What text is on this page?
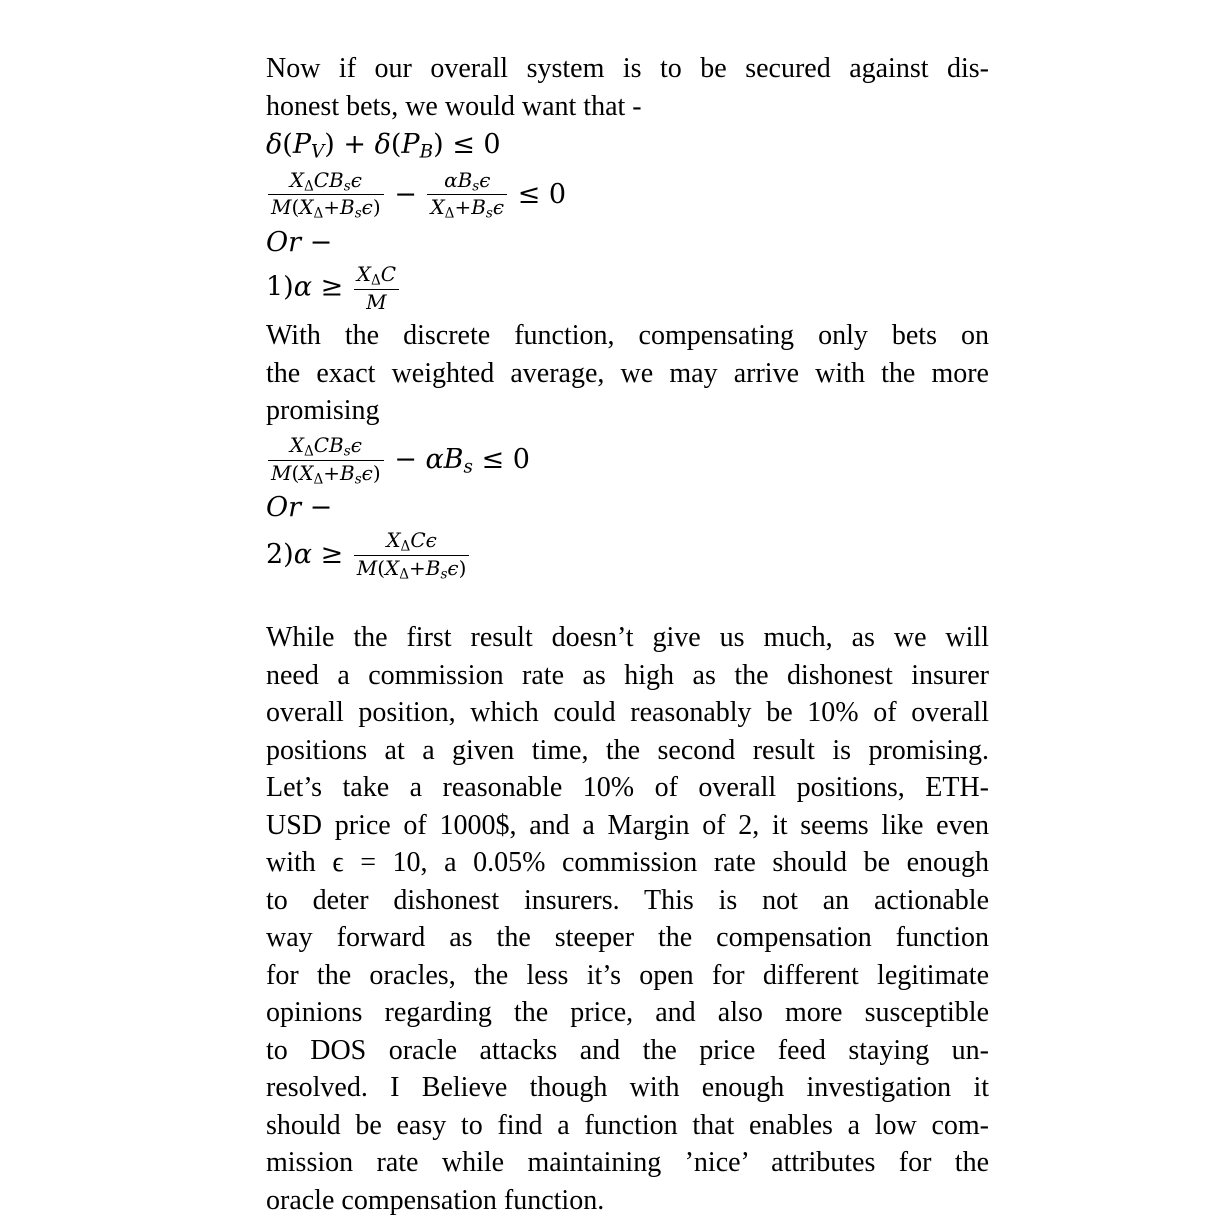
Now if our overall system is to be secured against dis-
honest bets, we would want that -
δ(PV) + δ(PB) ≤ 0
$\frac{\text{XΔCBsϵ}}{\text{M(XΔ+Bsϵ)}} - \frac{\text{αBsϵ}}{\text{XΔ+Bsϵ}} \le 0$
Or −
$1)\alpha \ge \frac{\text{XΔC}}{M}$
With the discrete function, compensating only bets on
the exact weighted average, we may arrive with the more
promising
$\frac{\text{XΔCBsϵ}}{\text{M(XΔ+Bsϵ)}} - \alpha Bs \le 0$
Or −
$2)\alpha \ge \frac{\text{XΔCϵ}}{\text{M(XΔ+Bsϵ)}}$
While the first result doesn’t give us much, as we will
need a commission rate as high as the dishonest insurer
overall position, which could reasonably be 10% of overall
positions at a given time, the second result is promising.
Let’s take a reasonable 10% of overall positions, ETH-
USD price of 1000$, and a Margin of 2, it seems like even
with ϵ = 10, a 0.05% commission rate should be enough
to deter dishonest insurers. This is not an actionable
way forward as the steeper the compensation function
for the oracles, the less it’s open for different legitimate
opinions regarding the price, and also more susceptible
to DOS oracle attacks and the price feed staying un-
resolved. I Believe though with enough investigation it
should be easy to find a function that enables a low com-
mission rate while maintaining ’nice’ attributes for the
oracle compensation function.
